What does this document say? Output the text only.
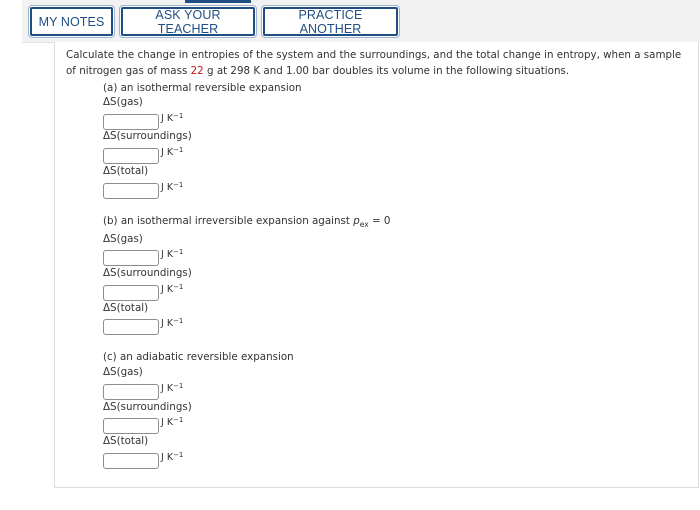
MY NOTES	ASK YOUR TEACHER
PRACTICE ANOTHER
Calculate the change in entropies of the system and the surroundings, and the total change in entropy, when a sample of nitrogen gas of mass 22 g at 298 K and 1.00 bar doubles its volume in the following situations.
(a) an isothermal reversible expansion
ΔS(gas)
J $K^{-1}$
ΔS(surroundings)
J $K^{-1}$
ΔS(total)
J $K^{-1}$
(b) an isothermal irreversible expansion against $p_{ex} = 0$
ΔS(gas)
J $K^{-1}$
ΔS(surroundings)
J $K^{-1}$
ΔS(total)
J $K^{-1}$
(c) an adiabatic reversible expansion
ΔS(gas)
J $K^{-1}$
ΔS(surroundings)
J $K^{-1}$
ΔS(total)
J $K^{-1}$
